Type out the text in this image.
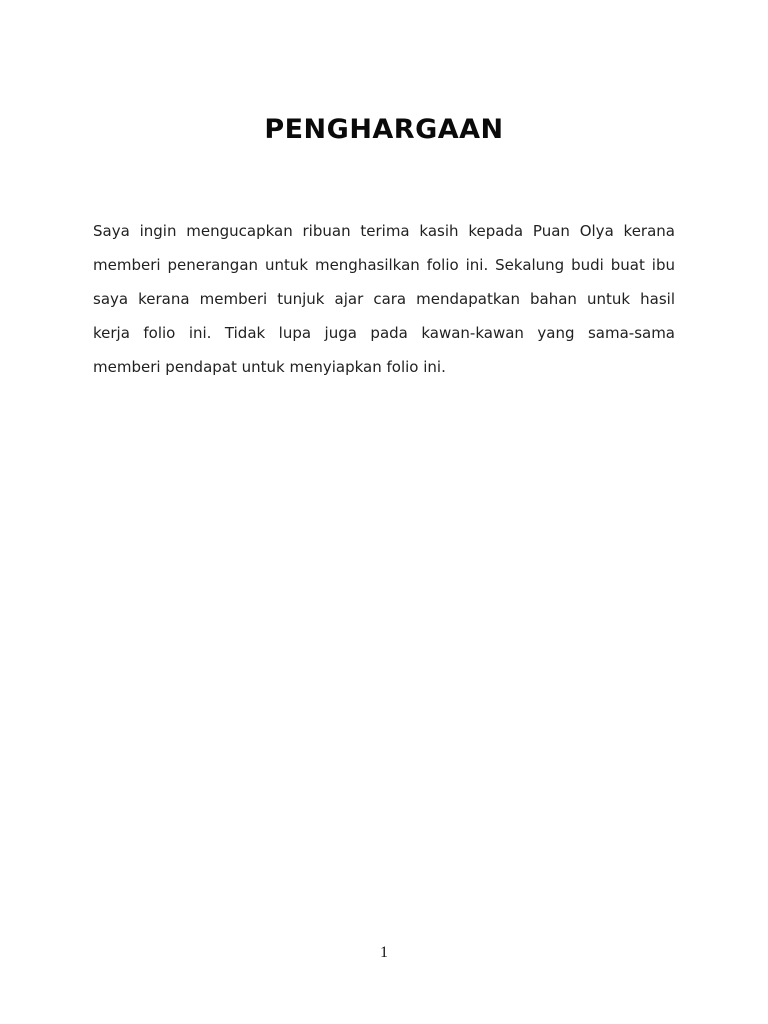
PENGHARGAAN
Saya ingin mengucapkan ribuan terima kasih kepada Puan Olya kerana
memberi penerangan untuk menghasilkan folio ini. Sekalung budi buat ibu
saya kerana memberi tunjuk ajar cara mendapatkan bahan untuk hasil
kerja folio ini. Tidak lupa juga pada kawan-kawan yang sama-sama
memberi pendapat untuk menyiapkan folio ini.
1
